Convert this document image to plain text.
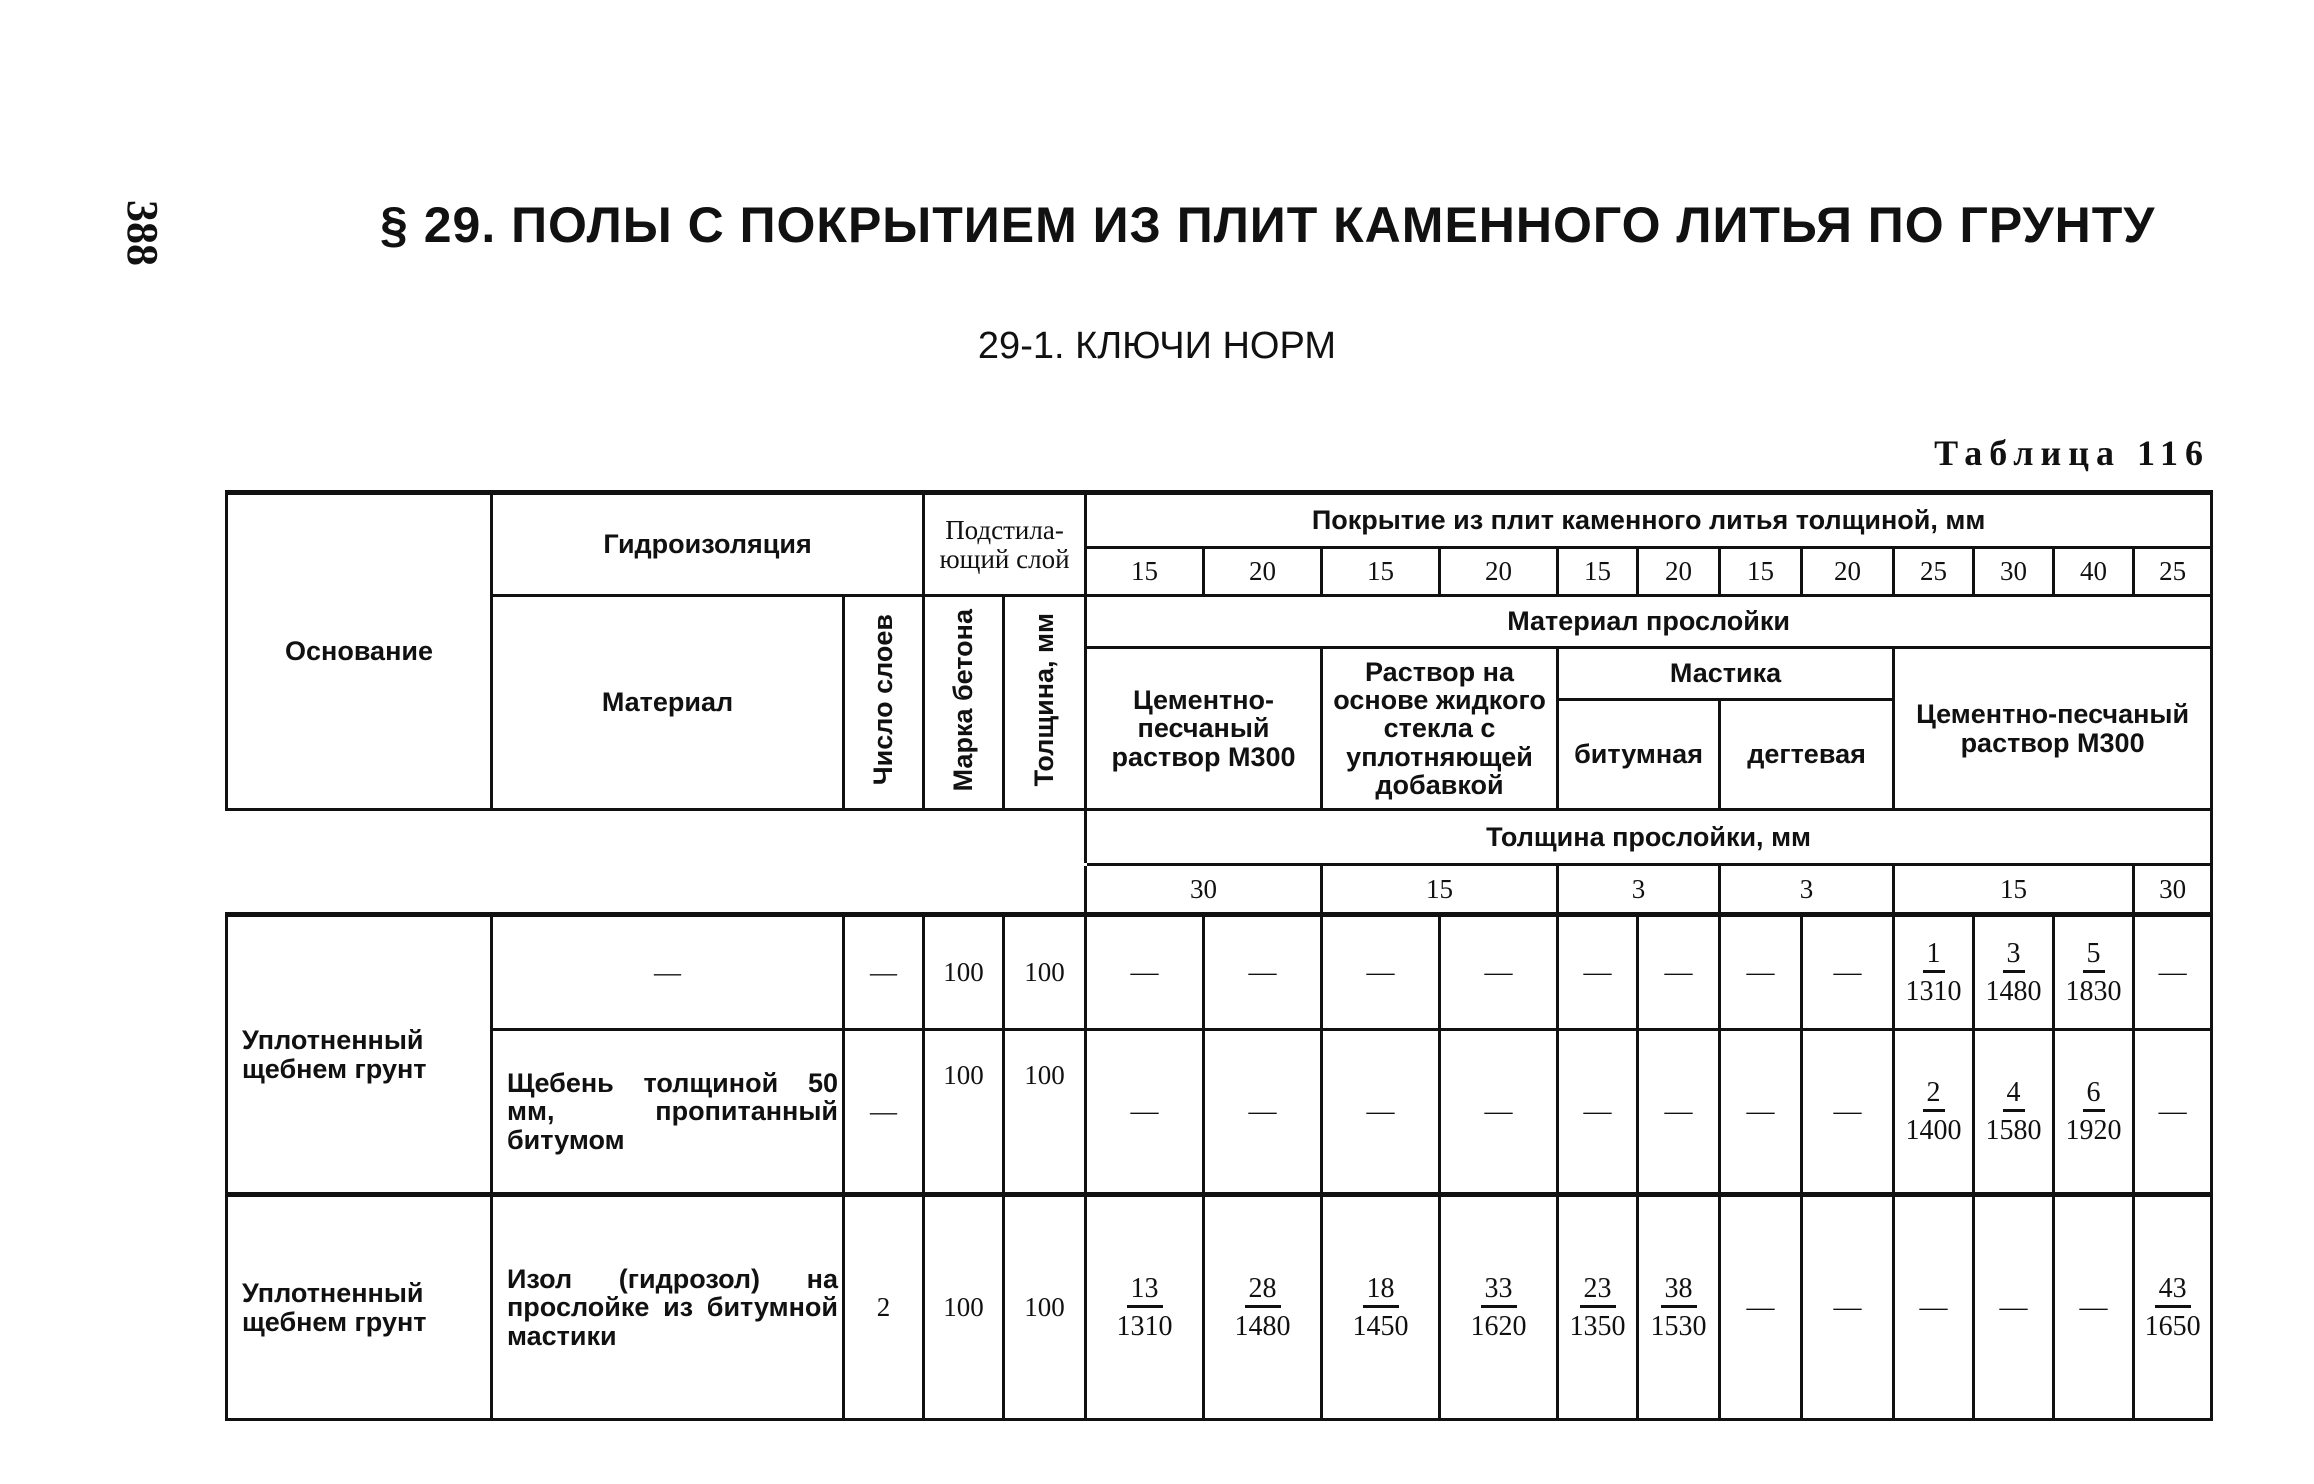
388	§ 29. ПОЛЫ С ПОКРЫТИЕМ ИЗ ПЛИТ КАМЕННОГО ЛИТЬЯ ПО ГРУНТУ
29-1. КЛЮЧИ НОРМ
Таблица 116
Основание	Гидроизоляция		Подстила-ющий слой		Покрытие из плит каменного литья толщиной, мм											
					15	20	15	20	15	20	15	20	25	30	40	25
	Материал	Число слоев	Марка бетона	Толщина, мм	Материал прослойки											
					Цементно-песчаный раствор М300		Раствор на основе жидкого стекла с уплотняющей добавкой		Мастика				Цементно-песчаный раствор М300			
									битумная		дегтевая					
					Толщина прослойки, мм											
					30		15		3		3		15			30
Уплотненный щебнем грунт	—	—	100	100	—	—	—	—	—	—	—	—	$\frac{1}{1310}$	$\frac{3}{1480}$	$\frac{5}{1830}$	—
	Щебень толщиной 50 мм, пропитанный битумом	—	100	100	—	—	—	—	—	—	—	—	$\frac{2}{1400}$	$\frac{4}{1580}$	$\frac{6}{1920}$	—
Уплотненный щебнем грунт	Изол (гидрозол) на прослойке из битумной мастики	2	100	100	$\frac{13}{1310}$	$\frac{28}{1480}$	$\frac{18}{1450}$	$\frac{33}{1620}$	$\frac{23}{1350}$	$\frac{38}{1530}$	—	—	—	—	—	$\frac{43}{1650}$
